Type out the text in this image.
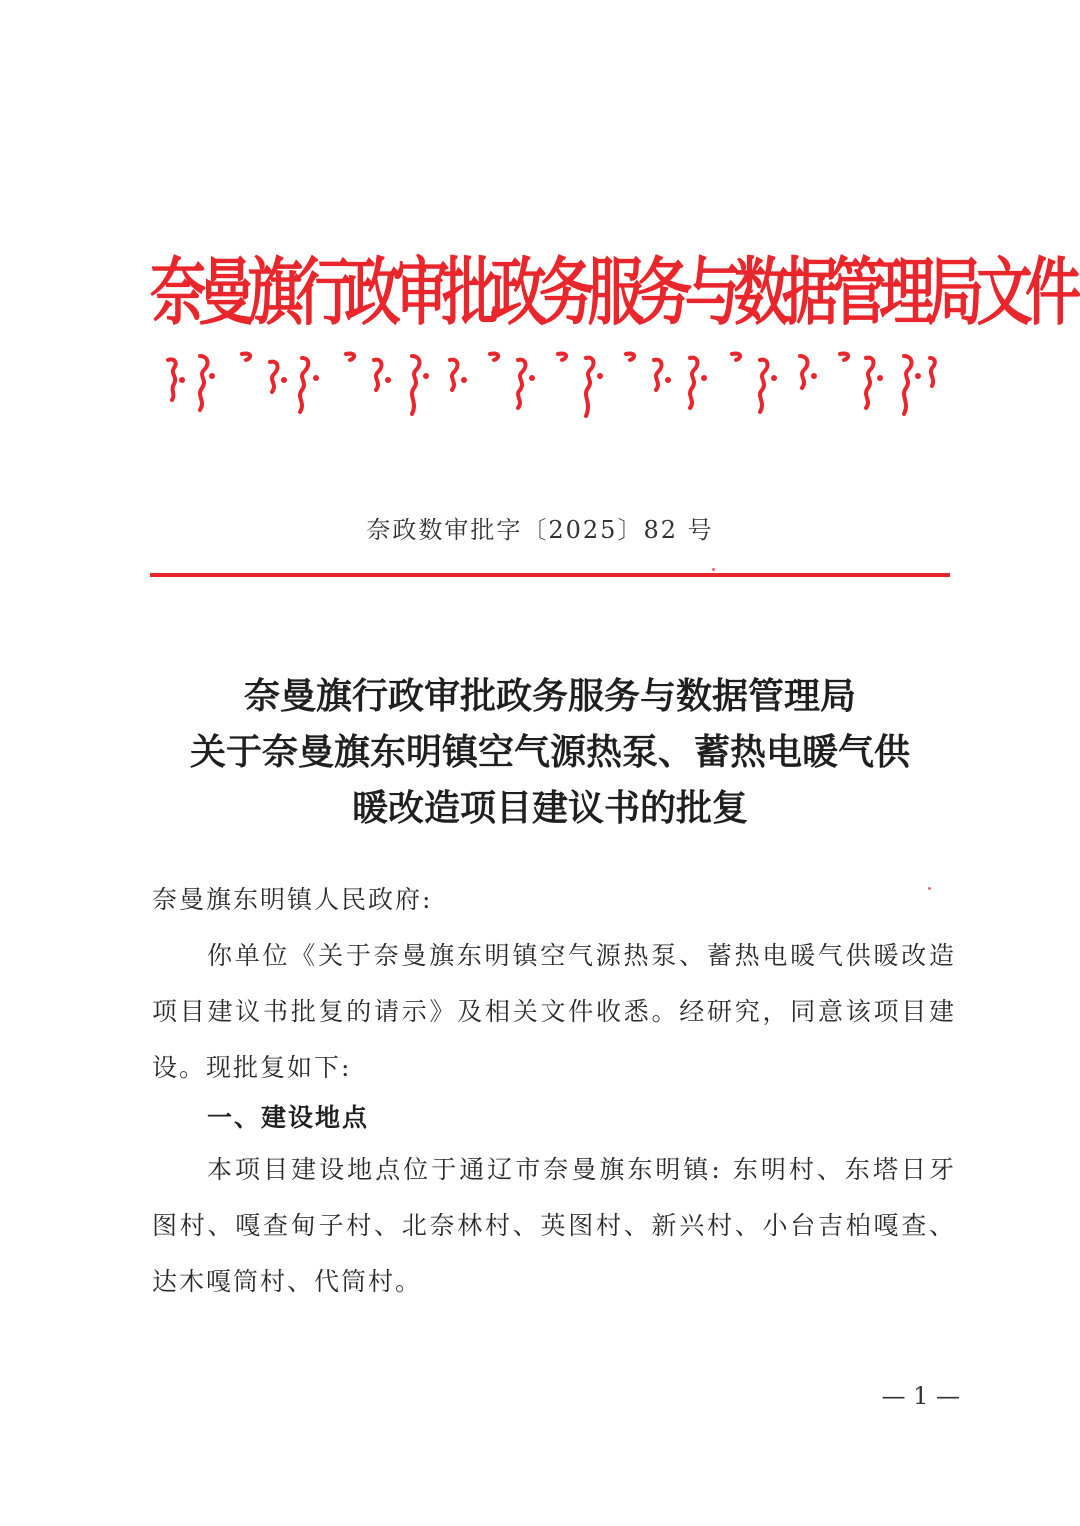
奈曼旗行政审批政务服务与数据管理局文件
奈政数审批字〔2025〕82 号
奈曼旗行政审批政务服务与数据管理局
关于奈曼旗东明镇空气源热泵、蓄热电暖气供
暖改造项目建议书的批复

奈曼旗东明镇人民政府:

你单位《关于奈曼旗东明镇空气源热泵、蓄热电暖气供暖改造项目建议书批复的请示》及相关文件收悉。经研究，同意该项目建设。现批复如下:

一、建设地点

本项目建设地点位于通辽市奈曼旗东明镇: 东明村、东塔日牙图村、嘎查甸子村、北奈林村、英图村、新兴村、小台吉柏嘎查、达木嘎筒村、代筒村。

— 1 —
